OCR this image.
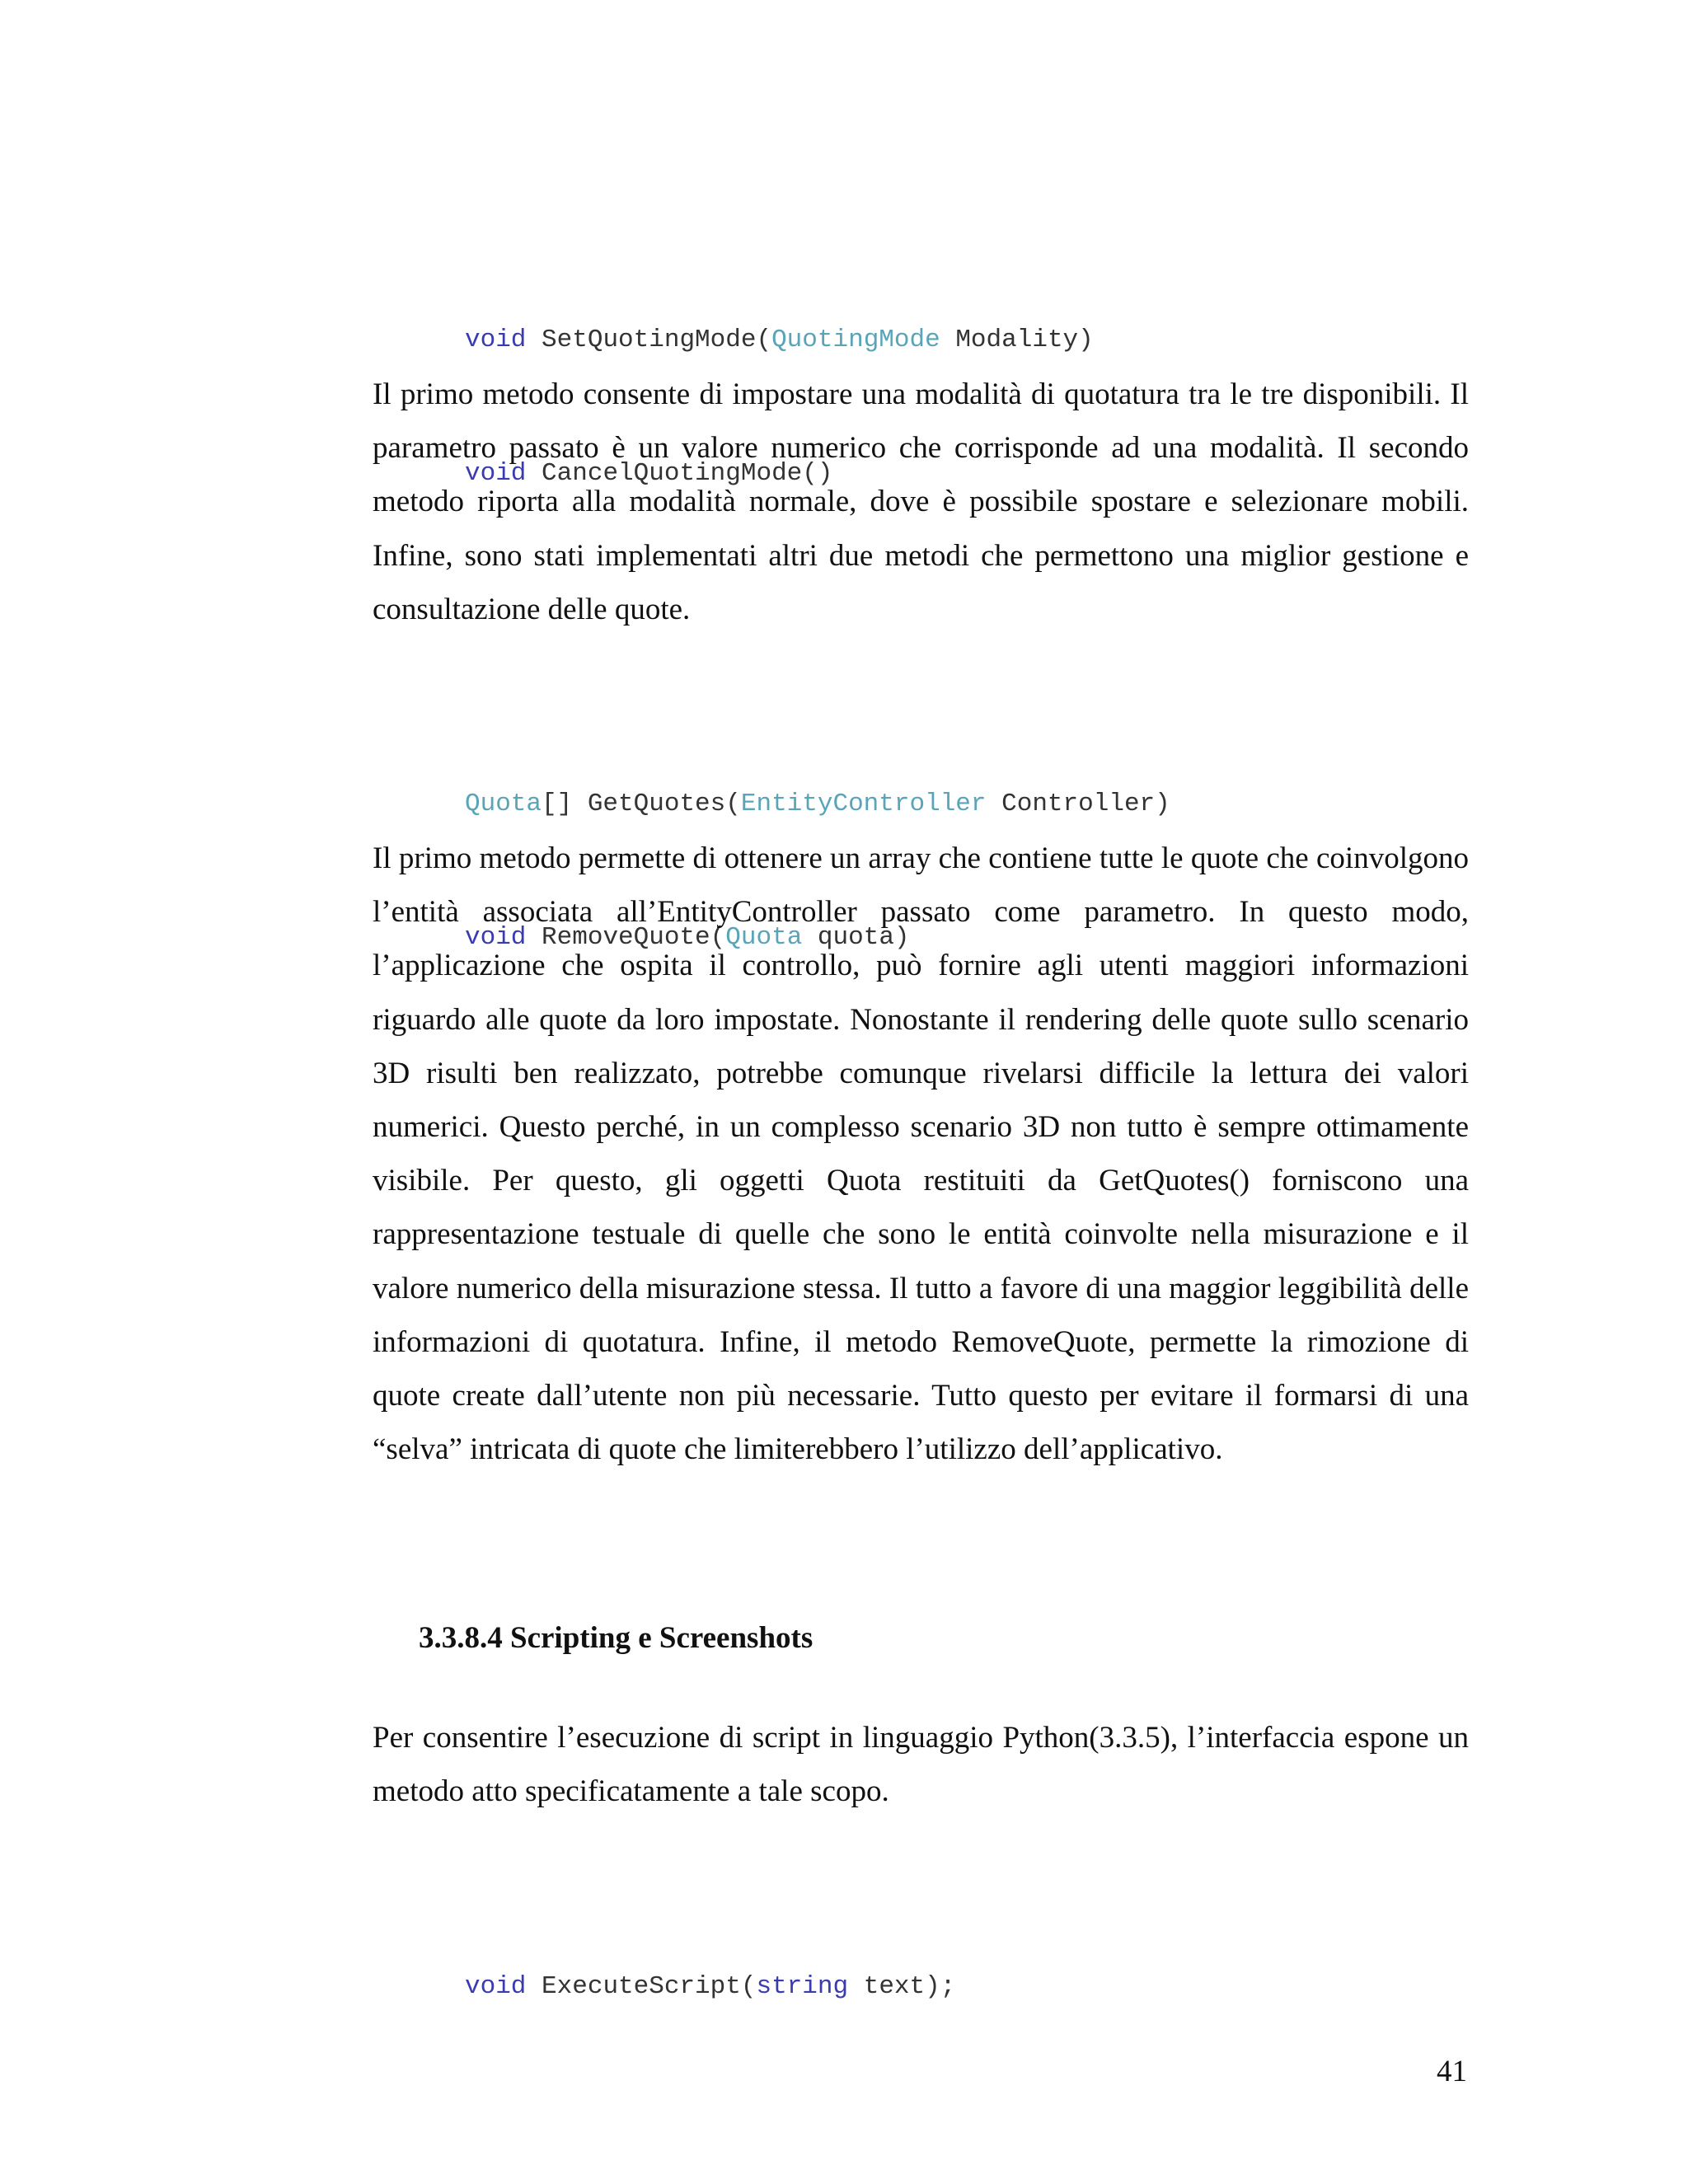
void SetQuotingMode(QuotingMode Modality)

void CancelQuotingMode()

Il primo metodo consente di impostare una modalità di quotatura tra le tre disponibili. Il parametro passato è un valore numerico che corrisponde ad una modalità. Il secondo metodo riporta alla modalità normale, dove è possibile spostare e selezionare mobili. Infine, sono stati implementati altri due metodi che permettono una miglior gestione e consultazione delle quote.

Quota[] GetQuotes(EntityController Controller)

void RemoveQuote(Quota quota)

Il primo metodo permette di ottenere un array che contiene tutte le quote che coinvolgono l’entità associata all’EntityController passato come parametro. In questo modo, l’applicazione che ospita il controllo, può fornire agli utenti maggiori informazioni riguardo alle quote da loro impostate. Nonostante il rendering delle quote sullo scenario 3D risulti ben realizzato, potrebbe comunque rivelarsi difficile la lettura dei valori numerici. Questo perché, in un complesso scenario 3D non tutto è sempre ottimamente visibile. Per questo, gli oggetti Quota restituiti da GetQuotes() forniscono una rappresentazione testuale di quelle che sono le entità coinvolte nella misurazione e il valore numerico della misurazione stessa. Il tutto a favore di una maggior leggibilità delle informazioni di quotatura. Infine, il metodo RemoveQuote, permette la rimozione di quote create dall’utente non più necessarie. Tutto questo per evitare il formarsi di una “selva” intricata di quote che limiterebbero l’utilizzo dell’applicativo.

3.3.8.4 Scripting e Screenshots

Per consentire l’esecuzione di script in linguaggio Python(3.3.5), l’interfaccia espone un metodo atto specificatamente a tale scopo.

void ExecuteScript(string text);

41
